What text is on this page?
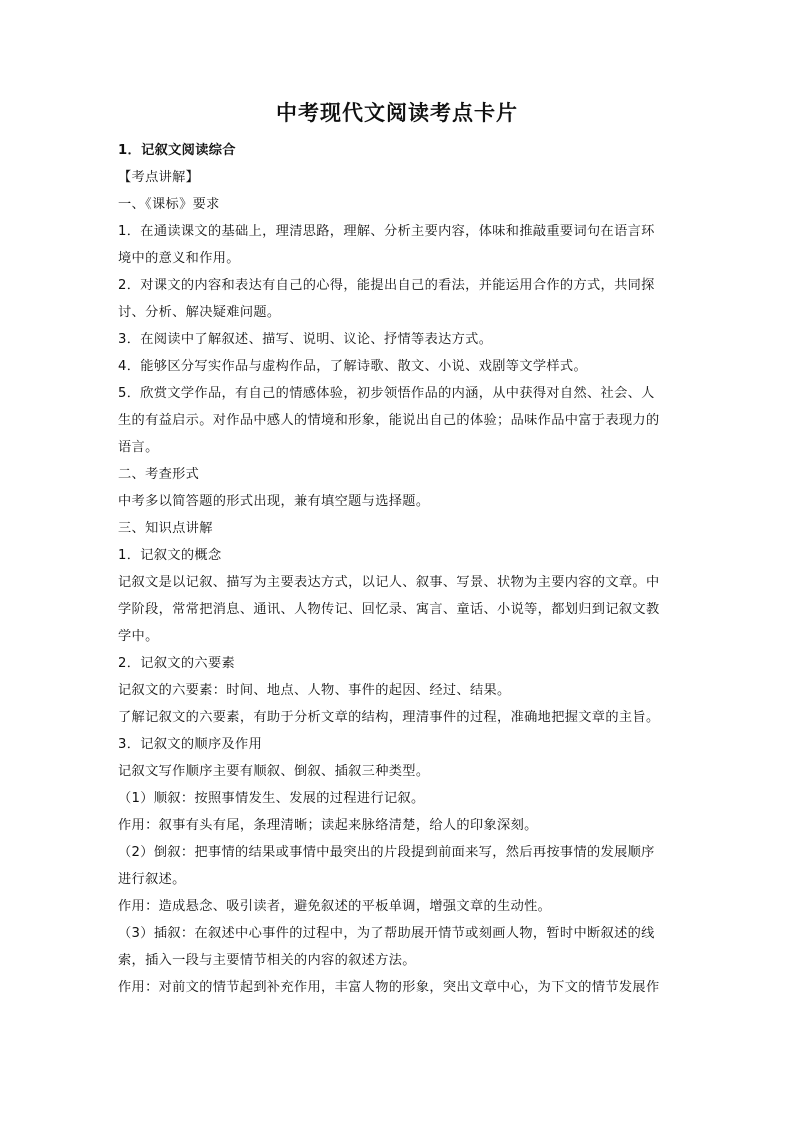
中考现代文阅读考点卡片
1．记叙文阅读综合
【考点讲解】
一、《课标》要求
1．在通读课文的基础上，理清思路，理解、分析主要内容，体味和推敲重要词句在语言环
境中的意义和作用。
2．对课文的内容和表达有自己的心得，能提出自己的看法，并能运用合作的方式，共同探
讨、分析、解决疑难问题。
3．在阅读中了解叙述、描写、说明、议论、抒情等表达方式。
4．能够区分写实作品与虚构作品，了解诗歌、散文、小说、戏剧等文学样式。
5．欣赏文学作品，有自己的情感体验，初步领悟作品的内涵，从中获得对自然、社会、人
生的有益启示。对作品中感人的情境和形象，能说出自己的体验；品味作品中富于表现力的
语言。
二、考查形式
中考多以简答题的形式出现，兼有填空题与选择题。
三、知识点讲解
1．记叙文的概念
记叙文是以记叙、描写为主要表达方式，以记人、叙事、写景、状物为主要内容的文章。中
学阶段，常常把消息、通讯、人物传记、回忆录、寓言、童话、小说等，都划归到记叙文教
学中。
2．记叙文的六要素
记叙文的六要素：时间、地点、人物、事件的起因、经过、结果。
了解记叙文的六要素，有助于分析文章的结构，理清事件的过程，准确地把握文章的主旨。
3．记叙文的顺序及作用
记叙文写作顺序主要有顺叙、倒叙、插叙三种类型。
（1）顺叙：按照事情发生、发展的过程进行记叙。
作用：叙事有头有尾，条理清晰；读起来脉络清楚，给人的印象深刻。
（2）倒叙：把事情的结果或事情中最突出的片段提到前面来写，然后再按事情的发展顺序
进行叙述。
作用：造成悬念、吸引读者，避免叙述的平板单调，增强文章的生动性。
（3）插叙：在叙述中心事件的过程中，为了帮助展开情节或刻画人物，暂时中断叙述的线
索，插入一段与主要情节相关的内容的叙述方法。
作用：对前文的情节起到补充作用，丰富人物的形象，突出文章中心，为下文的情节发展作
